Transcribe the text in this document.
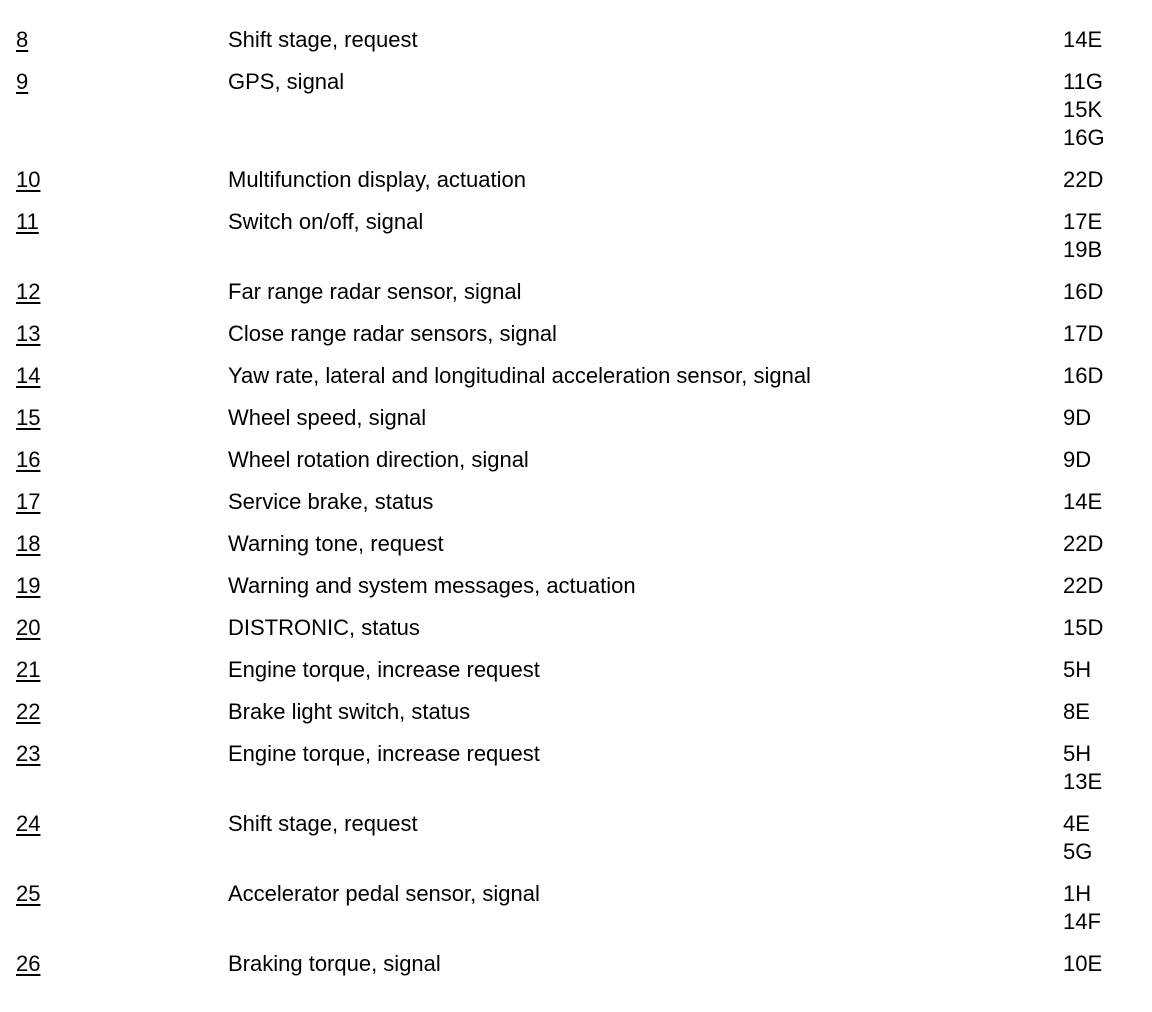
8	Shift stage, request	14E
9	GPS, signal	11G
15K
16G
10	Multifunction display, actuation	22D
11	Switch on/off, signal	17E
19B
12	Far range radar sensor, signal	16D
13	Close range radar sensors, signal	17D
14	Yaw rate, lateral and longitudinal acceleration sensor, signal	16D
15	Wheel speed, signal	9D
16	Wheel rotation direction, signal	9D
17	Service brake, status	14E
18	Warning tone, request	22D
19	Warning and system messages, actuation	22D
20	DISTRONIC, status	15D
21	Engine torque, increase request	5H
22	Brake light switch, status	8E
23	Engine torque, increase request	5H
13E
24	Shift stage, request	4E
5G
25	Accelerator pedal sensor, signal	1H
14F
26	Braking torque, signal	10E
